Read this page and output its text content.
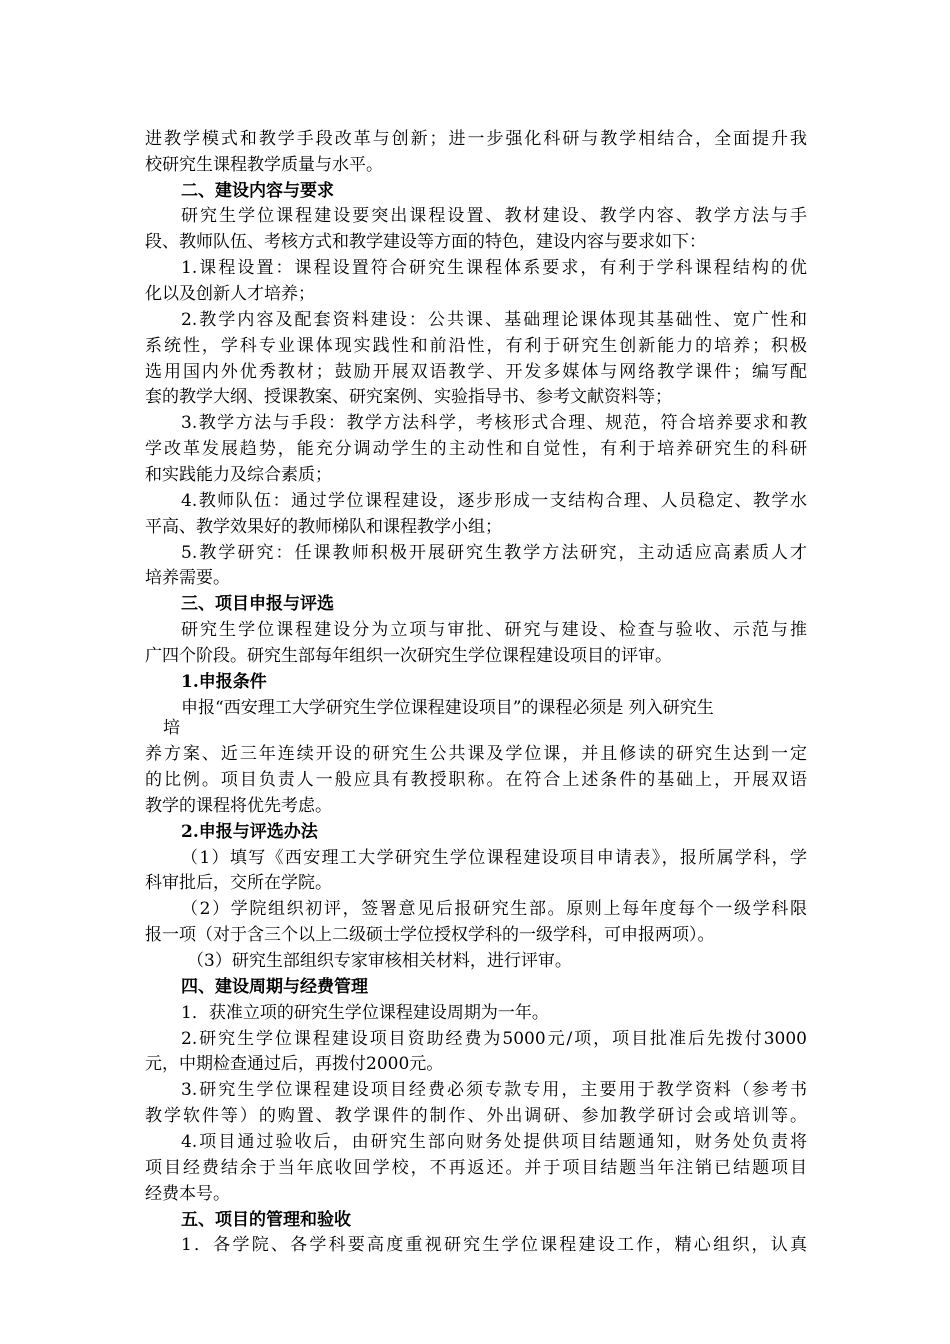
进教学模式和教学手段改革与创新；进一步强化科研与教学相结合，全面提升我
校研究生课程教学质量与水平。
二、建设内容与要求
研究生学位课程建设要突出课程设置、教材建设、教学内容、教学方法与手
段、教师队伍、考核方式和教学建设等方面的特色，建设内容与要求如下：
1.课程设置：课程设置符合研究生课程体系要求，有利于学科课程结构的优
化以及创新人才培养；
2.教学内容及配套资料建设：公共课、基础理论课体现其基础性、宽广性和
系统性，学科专业课体现实践性和前沿性，有利于研究生创新能力的培养；积极
选用国内外优秀教材；鼓励开展双语教学、开发多媒体与网络教学课件；编写配
套的教学大纲、授课教案、研究案例、实验指导书、参考文献资料等；
3.教学方法与手段：教学方法科学，考核形式合理、规范，符合培养要求和教
学改革发展趋势，能充分调动学生的主动性和自觉性，有利于培养研究生的科研
和实践能力及综合素质；
4.教师队伍：通过学位课程建设，逐步形成一支结构合理、人员稳定、教学水
平高、教学效果好的教师梯队和课程教学小组；
5.教学研究：任课教师积极开展研究生教学方法研究，主动适应高素质人才
培养需要。
三、项目申报与评选
研究生学位课程建设分为立项与审批、研究与建设、检查与验收、示范与推
广四个阶段。研究生部每年组织一次研究生学位课程建设项目的评审。
1.申报条件
申报“西安理工大学研究生学位课程建设项目”的课程必须是 列入研究生
培
养方案、近三年连续开设的研究生公共课及学位课，并且修读的研究生达到一定
的比例。项目负责人一般应具有教授职称。在符合上述条件的基础上，开展双语
教学的课程将优先考虑。
2.申报与评选办法
（1）填写《西安理工大学研究生学位课程建设项目申请表》，报所属学科，学
科审批后，交所在学院。
（2）学院组织初评，签署意见后报研究生部。原则上每年度每个一级学科限
报一项（对于含三个以上二级硕士学位授权学科的一级学科，可申报两项）。
（3）研究生部组织专家审核相关材料，进行评审。
四、建设周期与经费管理
1．获准立项的研究生学位课程建设周期为一年。
2.研究生学位课程建设项目资助经费为5000元/项，项目批准后先拨付3000
元，中期检查通过后，再拨付2000元。
3.研究生学位课程建设项目经费必须专款专用，主要用于教学资料（参考书
教学软件等）的购置、教学课件的制作、外出调研、参加教学研讨会或培训等。
4.项目通过验收后，由研究生部向财务处提供项目结题通知，财务处负责将
项目经费结余于当年底收回学校，不再返还。并于项目结题当年注销已结题项目
经费本号。
五、项目的管理和验收
1．各学院、各学科要高度重视研究生学位课程建设工作，精心组织，认真
